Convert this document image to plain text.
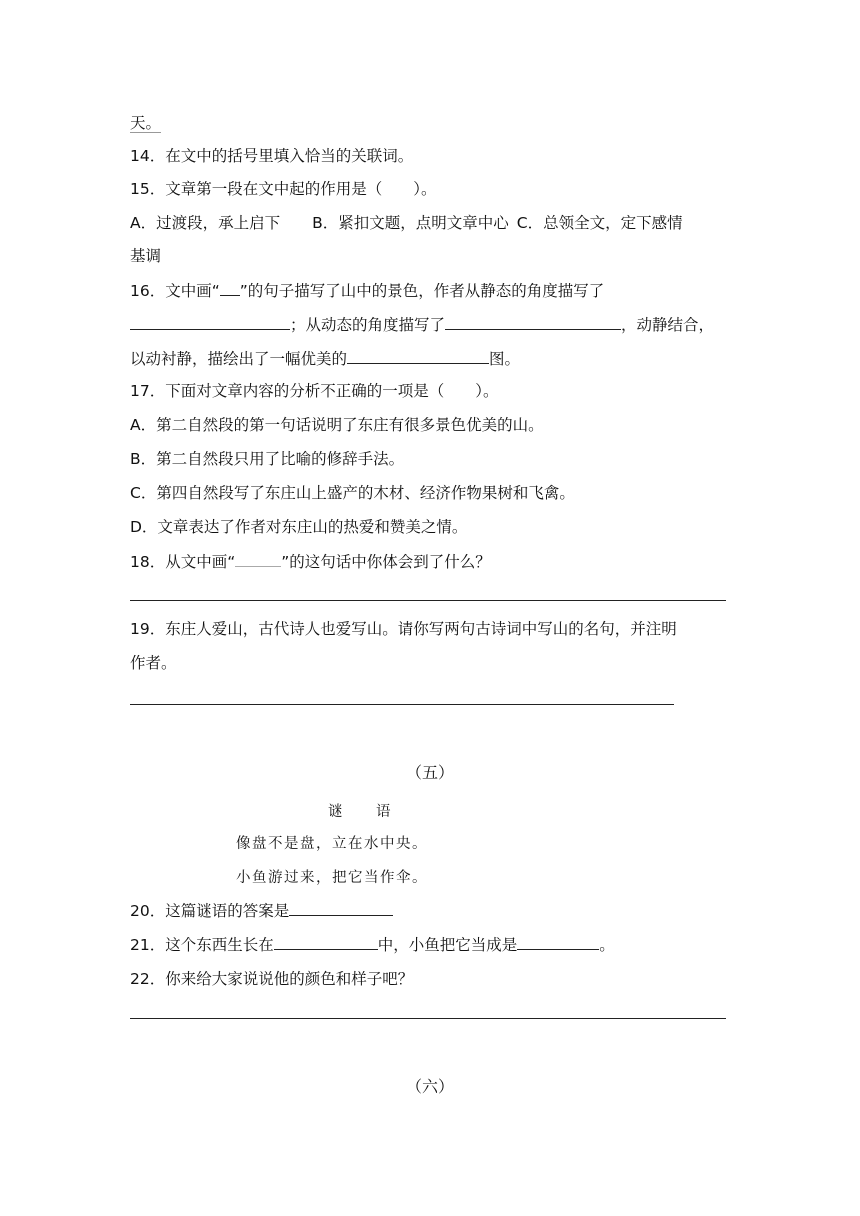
天。
14．在文中的括号里填入恰当的关联词。
15．文章第一段在文中起的作用是（　　）。
A．过渡段，承上启下 B．紧扣文题，点明文章中心 C．总领全文，定下感情
基调
16．文中画“ ”的句子描写了山中的景色，作者从静态的角度描写了
；从动态的角度描写了	，动静结合，
以动衬静，描绘出了一幅优美的	图。
17．下面对文章内容的分析不正确的一项是（　　）。
A．第二自然段的第一句话说明了东庄有很多景色优美的山。
B．第二自然段只用了比喻的修辞手法。
C．第四自然段写了东庄山上盛产的木材、经济作物果树和飞禽。
D．文章表达了作者对东庄山的热爱和赞美之情。
18．从文中画“	”的这句话中你体会到了什么？
19．东庄人爱山，古代诗人也爱写山。请你写两句古诗词中写山的名句，并注明
作者。
（五）
谜　　语
像盘不是盘，立在水中央。
小鱼游过来，把它当作伞。
20．这篇谜语的答案是
21．这个东西生长在	中，小鱼把它当成是	。
22．你来给大家说说他的颜色和样子吧？
（六）
